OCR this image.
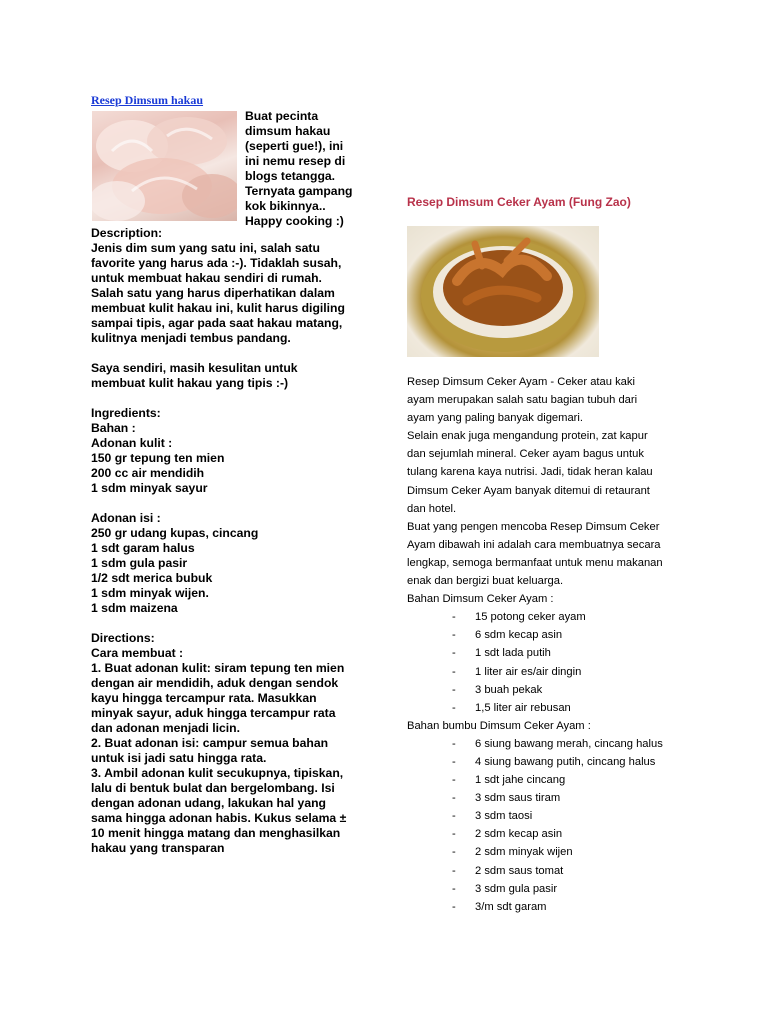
Resep Dimsum hakau
Buat pecinta
dimsum hakau
(seperti gue!), ini
ini nemu resep di
blogs tetangga.
Ternyata gampang
kok bikinnya..
Happy cooking :)
Description:
Jenis dim sum yang satu ini, salah satu
favorite yang harus ada :-). Tidaklah susah,
untuk membuat hakau sendiri di rumah.
Salah satu yang harus diperhatikan dalam
membuat kulit hakau ini, kulit harus digiling
sampai tipis, agar pada saat hakau matang,
kulitnya menjadi tembus pandang.
Saya sendiri, masih kesulitan untuk
membuat kulit hakau yang tipis :-)
Ingredients:
Bahan :
Adonan kulit :
150 gr tepung ten mien
200 cc air mendidih
1 sdm minyak sayur
Adonan isi :
250 gr udang kupas, cincang
1 sdt garam halus
1 sdm gula pasir
1/2 sdt merica bubuk
1 sdm minyak wijen.
1 sdm maizena
Directions:
Cara membuat :
1. Buat adonan kulit: siram tepung ten mien
dengan air mendidih, aduk dengan sendok
kayu hingga tercampur rata. Masukkan
minyak sayur, aduk hingga tercampur rata
dan adonan menjadi licin.
2. Buat adonan isi: campur semua bahan
untuk isi jadi satu hingga rata.
3. Ambil adonan kulit secukupnya, tipiskan,
lalu di bentuk bulat dan bergelombang. Isi
dengan adonan udang, lakukan hal yang
sama hingga adonan habis. Kukus selama ±
10 menit hingga matang dan menghasilkan
hakau yang transparan
Resep Dimsum Ceker Ayam (Fung Zao)
Resep Dimsum Ceker Ayam - Ceker atau kaki
ayam merupakan salah satu bagian tubuh dari
ayam yang paling banyak digemari.
Selain enak juga mengandung protein, zat kapur
dan sejumlah mineral. Ceker ayam bagus untuk
tulang karena kaya nutrisi. Jadi, tidak heran kalau
Dimsum Ceker Ayam banyak ditemui di retaurant
dan hotel.
Buat yang pengen mencoba Resep Dimsum Ceker
Ayam dibawah ini adalah cara membuatnya secara
lengkap, semoga bermanfaat untuk menu makanan
enak dan bergizi buat keluarga.
Bahan Dimsum Ceker Ayam :
- 15 potong ceker ayam
- 6 sdm kecap asin
- 1 sdt lada putih
- 1 liter air es/air dingin
- 3 buah pekak
- 1,5 liter air rebusan
Bahan bumbu Dimsum Ceker Ayam :
- 6 siung bawang merah, cincang halus
- 4 siung bawang putih, cincang halus
- 1 sdt jahe cincang
- 3 sdm saus tiram
- 3 sdm taosi
- 2 sdm kecap asin
- 2 sdm minyak wijen
- 2 sdm saus tomat
- 3 sdm gula pasir
- 3/m sdt garam
